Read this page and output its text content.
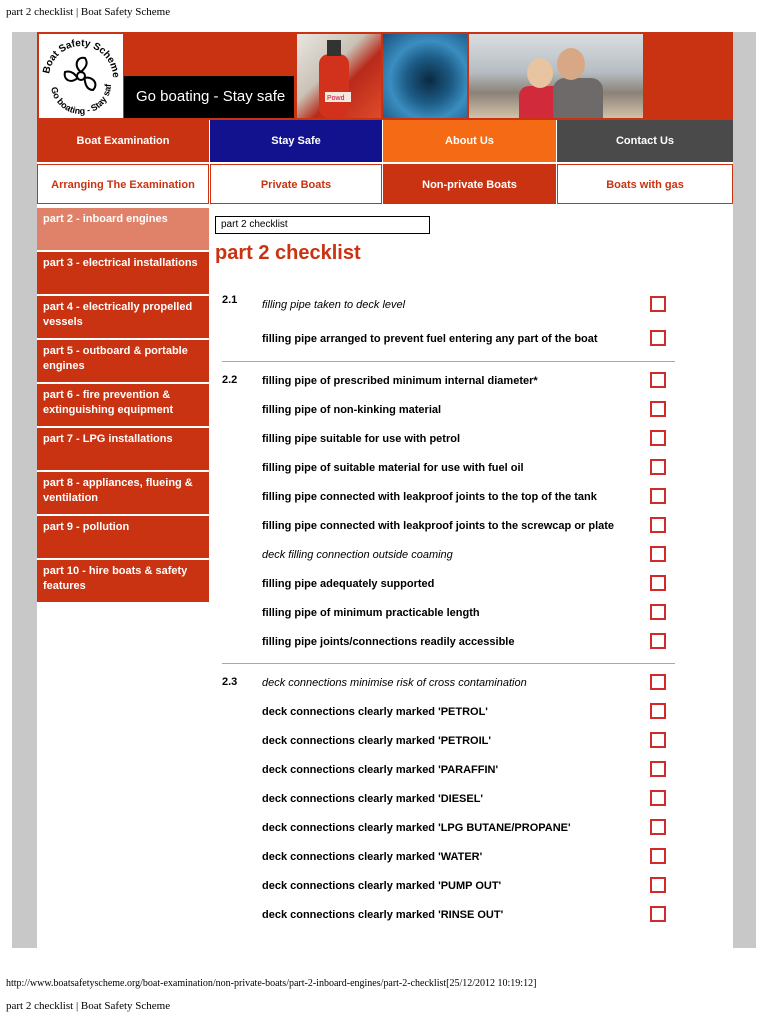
part 2 checklist | Boat Safety Scheme
Boat Safety Scheme
Go boating - Stay saf
Go boating - Stay safe	Powd
Boat Examination	Stay Safe	About Us	Contact Us
Arranging The Examination	Private Boats	Non-private Boats	Boats with gas
part 2 - inboard engines
part 3 - electrical installations
part 4 - electrically propelled vessels
part 5 - outboard & portable engines
part 6 - fire prevention & extinguishing equipment
part 7 - LPG installations
part 8 - appliances, flueing & ventilation
part 9 - pollution
part 10 - hire boats & safety features
part 2 checklist
part 2 checklist
2.1 filling pipe taken to deck level
filling pipe arranged to prevent fuel entering any part of the boat
2.2 filling pipe of prescribed minimum internal diameter*
filling pipe of non-kinking material
filling pipe suitable for use with petrol
filling pipe of suitable material for use with fuel oil
filling pipe connected with leakproof joints to the top of the tank
filling pipe connected with leakproof joints to the screwcap or plate
deck filling connection outside coaming
filling pipe adequately supported
filling pipe of minimum practicable length
filling pipe joints/connections readily accessible
2.3 deck connections minimise risk of cross contamination
deck connections clearly marked 'PETROL'
deck connections clearly marked 'PETROIL'
deck connections clearly marked 'PARAFFIN'
deck connections clearly marked 'DIESEL'
deck connections clearly marked 'LPG BUTANE/PROPANE'
deck connections clearly marked 'WATER'
deck connections clearly marked 'PUMP OUT'
deck connections clearly marked 'RINSE OUT'
http://www.boatsafetyscheme.org/boat-examination/non-private-boats/part-2-inboard-engines/part-2-checklist[25/12/2012 10:19:12]
part 2 checklist | Boat Safety Scheme
